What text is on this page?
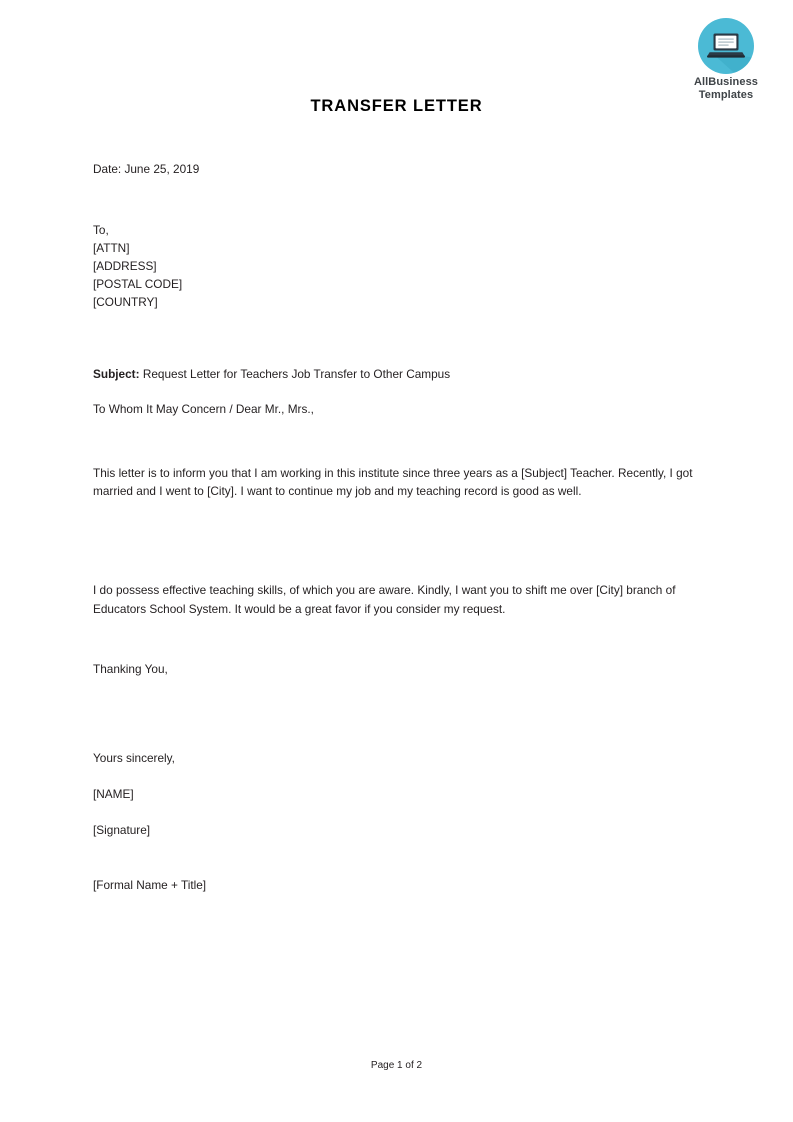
AllBusiness
Templates
TRANSFER LETTER

Date: June 25, 2019

To,
[ATTN]
[ADDRESS]
[POSTAL CODE]
[COUNTRY]

Subject: Request Letter for Teachers Job Transfer to Other Campus

To Whom It May Concern / Dear Mr., Mrs.,

This letter is to inform you that I am working in this institute since three years as a [Subject] Teacher. Recently, I got married and I went to [City]. I want to continue my job and my teaching record is good as well.

I do possess effective teaching skills, of which you are aware. Kindly, I want you to shift me over [City] branch of Educators School System. It would be a great favor if you consider my request.

Thanking You,

Yours sincerely,

[NAME]

[Signature]

[Formal Name + Title]

Page 1 of 2
